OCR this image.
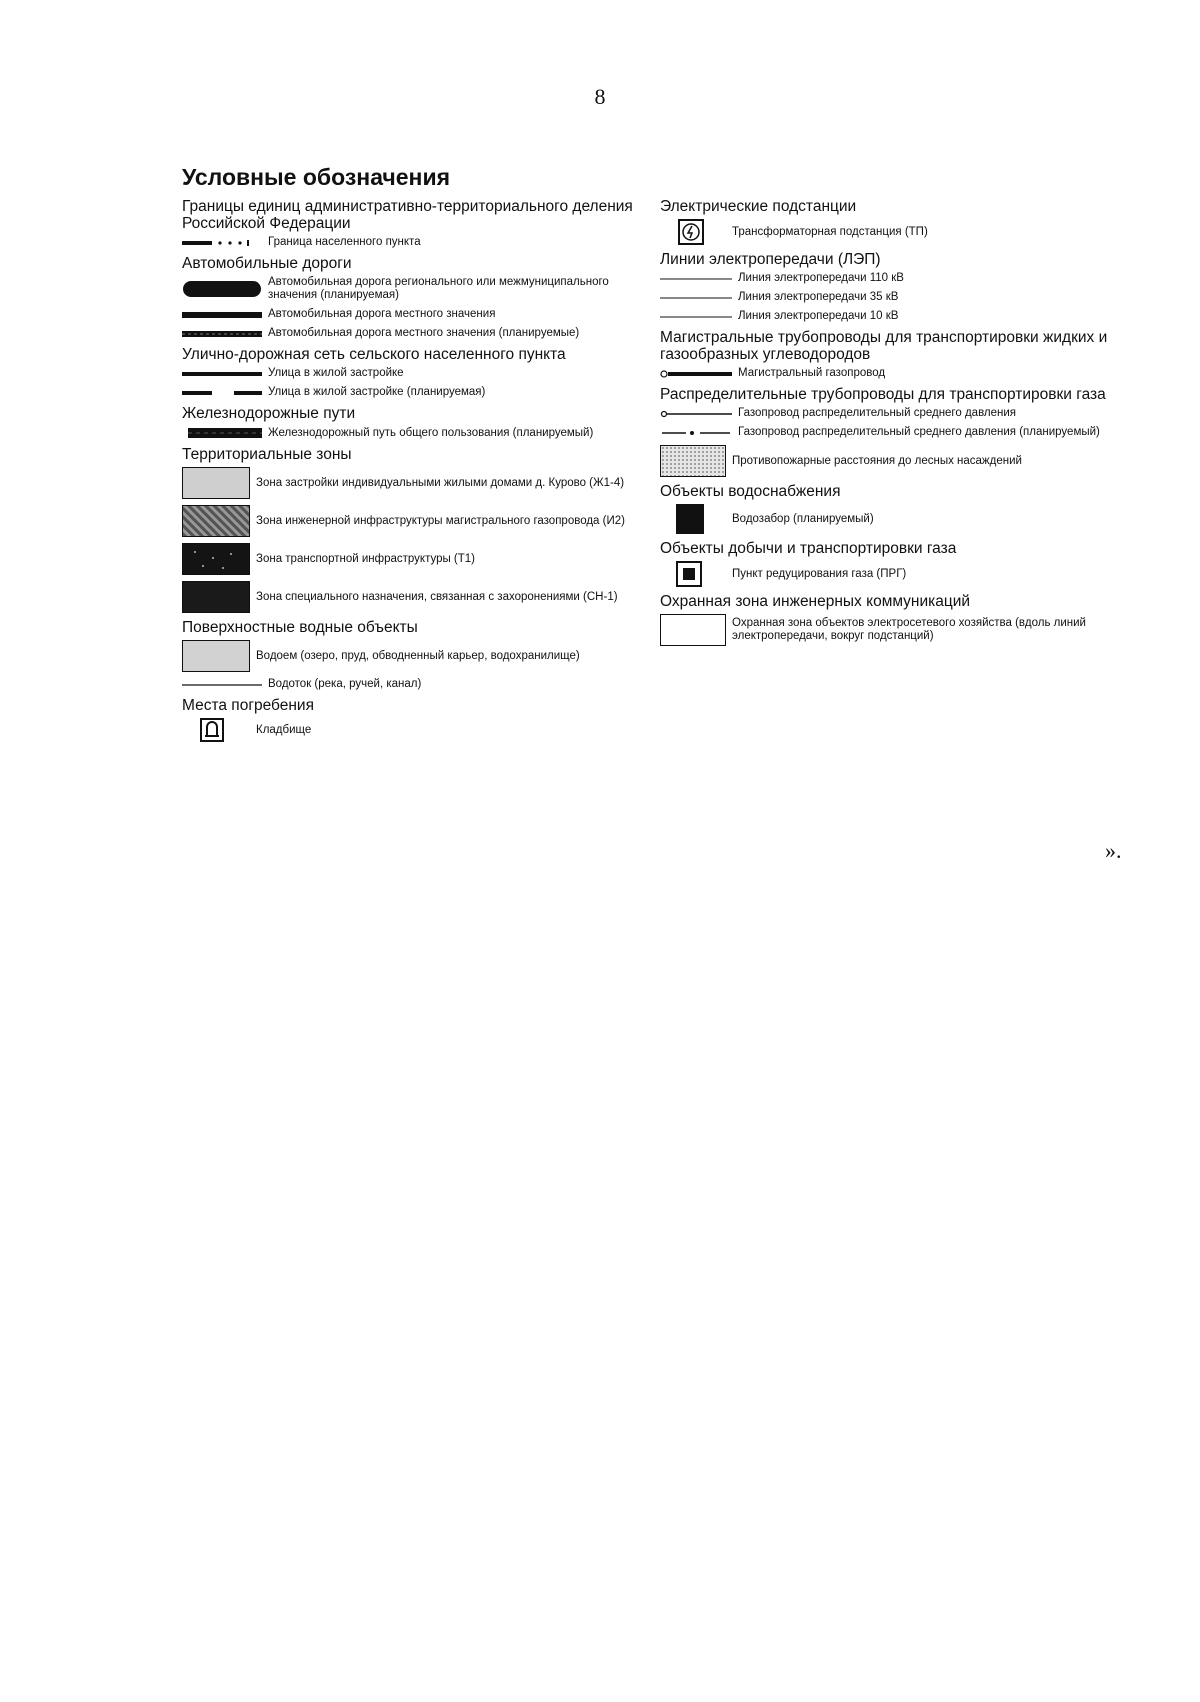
8
Условные обозначения
Границы единиц административно-территориального деления Российской Федерации
Граница населенного пункта
Автомобильные дороги
Автомобильная дорога регионального или межмуниципального значения (планируемая)
Автомобильная дорога местного значения
Автомобильная дорога местного значения (планируемые)
Улично-дорожная сеть сельского населенного пункта
Улица в жилой застройке
Улица в жилой застройке (планируемая)
Железнодорожные пути
Железнодорожный путь общего пользования (планируемый)
Территориальные зоны
Зона застройки индивидуальными жилыми домами д. Курово (Ж1-4)
Зона инженерной инфраструктуры магистрального газопровода (И2)
Зона транспортной инфраструктуры (Т1)
Зона специального назначения, связанная с захоронениями (СН-1)
Поверхностные водные объекты
Водоем (озеро, пруд, обводненный карьер, водохранилище)
Водоток (река, ручей, канал)
Места погребения
Кладбище
Электрические подстанции
Трансформаторная подстанция (ТП)
Линии электропередачи (ЛЭП)
Линия электропередачи 110 кВ
Линия электропередачи 35 кВ
Линия электропередачи 10 кВ
Магистральные трубопроводы для транспортировки жидких и газообразных углеводородов
Магистральный газопровод
Распределительные трубопроводы для транспортировки газа
Газопровод распределительный среднего давления
Газопровод распределительный среднего давления (планируемый)
Противопожарные расстояния до лесных насаждений
Объекты водоснабжения
Водозабор (планируемый)
Объекты добычи и транспортировки газа
Пункт редуцирования газа (ПРГ)
Охранная зона инженерных коммуникаций
Охранная зона объектов электросетевого хозяйства (вдоль линий электропередачи, вокруг подстанций)
».
